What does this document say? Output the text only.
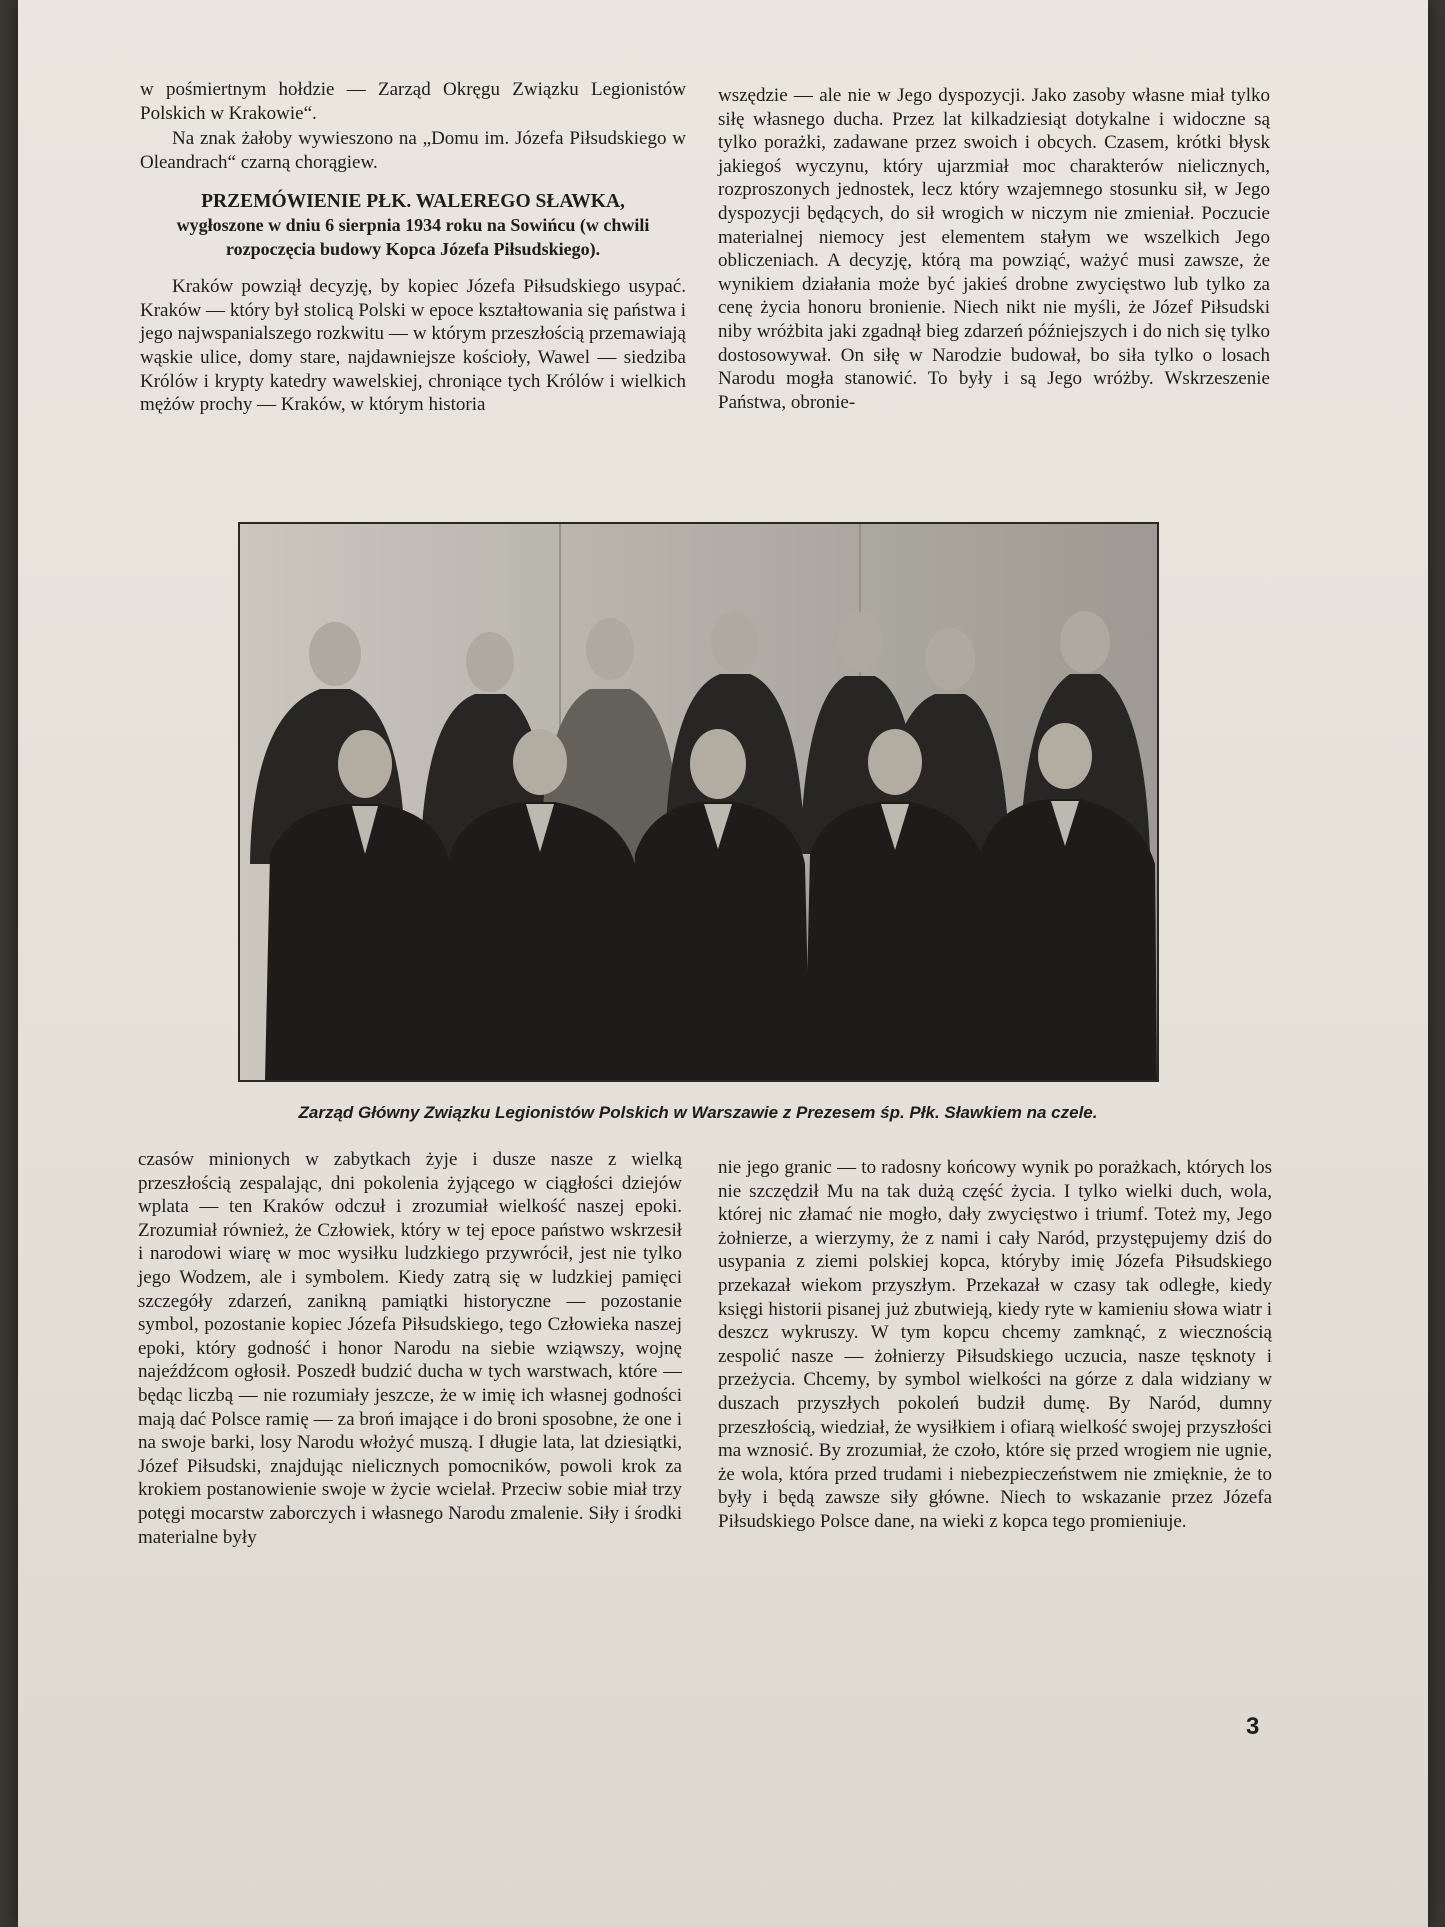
w pośmiertnym hołdzie — Zarząd Okręgu Związku Legionistów Polskich w Krakowie“.

Na znak żałoby wywieszono na „Domu im. Józefa Piłsudskiego w Oleandrach“ czarną chorągiew.

PRZEMÓWIENIE PŁK. WALEREGO SŁAWKA,
wygłoszone w dniu 6 sierpnia 1934 roku na Sowińcu (w chwili rozpoczęcia budowy Kopca Józefa Piłsudskiego).

Kraków powziął decyzję, by kopiec Józefa Piłsudskiego usypać. Kraków — który był stolicą Polski w epoce kształtowania się państwa i jego najwspanialszego rozkwitu — w którym przeszłością przemawiają wąskie ulice, domy stare, najdawniejsze kościoły, Wawel — siedziba Królów i krypty katedry wawelskiej, chroniące tych Królów i wielkich mężów prochy — Kraków, w którym historia

wszędzie — ale nie w Jego dyspozycji. Jako zasoby własne miał tylko siłę własnego ducha. Przez lat kilkadziesiąt dotykalne i widoczne są tylko porażki, zadawane przez swoich i obcych. Czasem, krótki błysk jakiegoś wyczynu, który ujarzmiał moc charakterów nielicznych, rozproszonych jednostek, lecz który wzajemnego stosunku sił, w Jego dyspozycji będących, do sił wrogich w niczym nie zmieniał. Poczucie materialnej niemocy jest elementem stałym we wszelkich Jego obliczeniach. A decyzję, którą ma powziąć, ważyć musi zawsze, że wynikiem działania może być jakieś drobne zwycięstwo lub tylko za cenę życia honoru bronienie. Niech nikt nie myśli, że Józef Piłsudski niby wróżbita jaki zgadnął bieg zdarzeń późniejszych i do nich się tylko dostosowywał. On siłę w Narodzie budował, bo siła tylko o losach Narodu mogła stanowić. To były i są Jego wróżby. Wskrzeszenie Państwa, obronie-

Zarząd Główny Związku Legionistów Polskich w Warszawie z Prezesem śp. Płk. Sławkiem na czele.

czasów minionych w zabytkach żyje i dusze nasze z wielką przeszłością zespalając, dni pokolenia żyjącego w ciągłości dziejów wplata — ten Kraków odczuł i zrozumiał wielkość naszej epoki. Zrozumiał również, że Człowiek, który w tej epoce państwo wskrzesił i narodowi wiarę w moc wysiłku ludzkiego przywrócił, jest nie tylko jego Wodzem, ale i symbolem. Kiedy zatrą się w ludzkiej pamięci szczegóły zdarzeń, zanikną pamiątki historyczne — pozostanie symbol, pozostanie kopiec Józefa Piłsudskiego, tego Człowieka naszej epoki, który godność i honor Narodu na siebie wziąwszy, wojnę najeźdźcom ogłosił. Poszedł budzić ducha w tych warstwach, które — będąc liczbą — nie rozumiały jeszcze, że w imię ich własnej godności mają dać Polsce ramię — za broń imające i do broni sposobne, że one i na swoje barki, losy Narodu włożyć muszą. I długie lata, lat dziesiątki, Józef Piłsudski, znajdując nielicznych pomocników, powoli krok za krokiem postanowienie swoje w życie wcielał. Przeciw sobie miał trzy potęgi mocarstw zaborczych i własnego Narodu zmalenie. Siły i środki materialne były

nie jego granic — to radosny końcowy wynik po porażkach, których los nie szczędził Mu na tak dużą część życia. I tylko wielki duch, wola, której nic złamać nie mogło, dały zwycięstwo i triumf. Toteż my, Jego żołnierze, a wierzymy, że z nami i cały Naród, przystępujemy dziś do usypania z ziemi polskiej kopca, któryby imię Józefa Piłsudskiego przekazał wiekom przyszłym. Przekazał w czasy tak odległe, kiedy księgi historii pisanej już zbutwieją, kiedy ryte w kamieniu słowa wiatr i deszcz wykruszy. W tym kopcu chcemy zamknąć, z wiecznością zespolić nasze — żołnierzy Piłsudskiego uczucia, nasze tęsknoty i przeżycia. Chcemy, by symbol wielkości na górze z dala widziany w duszach przyszłych pokoleń budził dumę. By Naród, dumny przeszłością, wiedział, że wysiłkiem i ofiarą wielkość swojej przyszłości ma wznosić. By zrozumiał, że czoło, które się przed wrogiem nie ugnie, że wola, która przed trudami i niebezpieczeństwem nie zmięknie, że to były i będą zawsze siły główne. Niech to wskazanie przez Józefa Piłsudskiego Polsce dane, na wieki z kopca tego promieniuje.

3
